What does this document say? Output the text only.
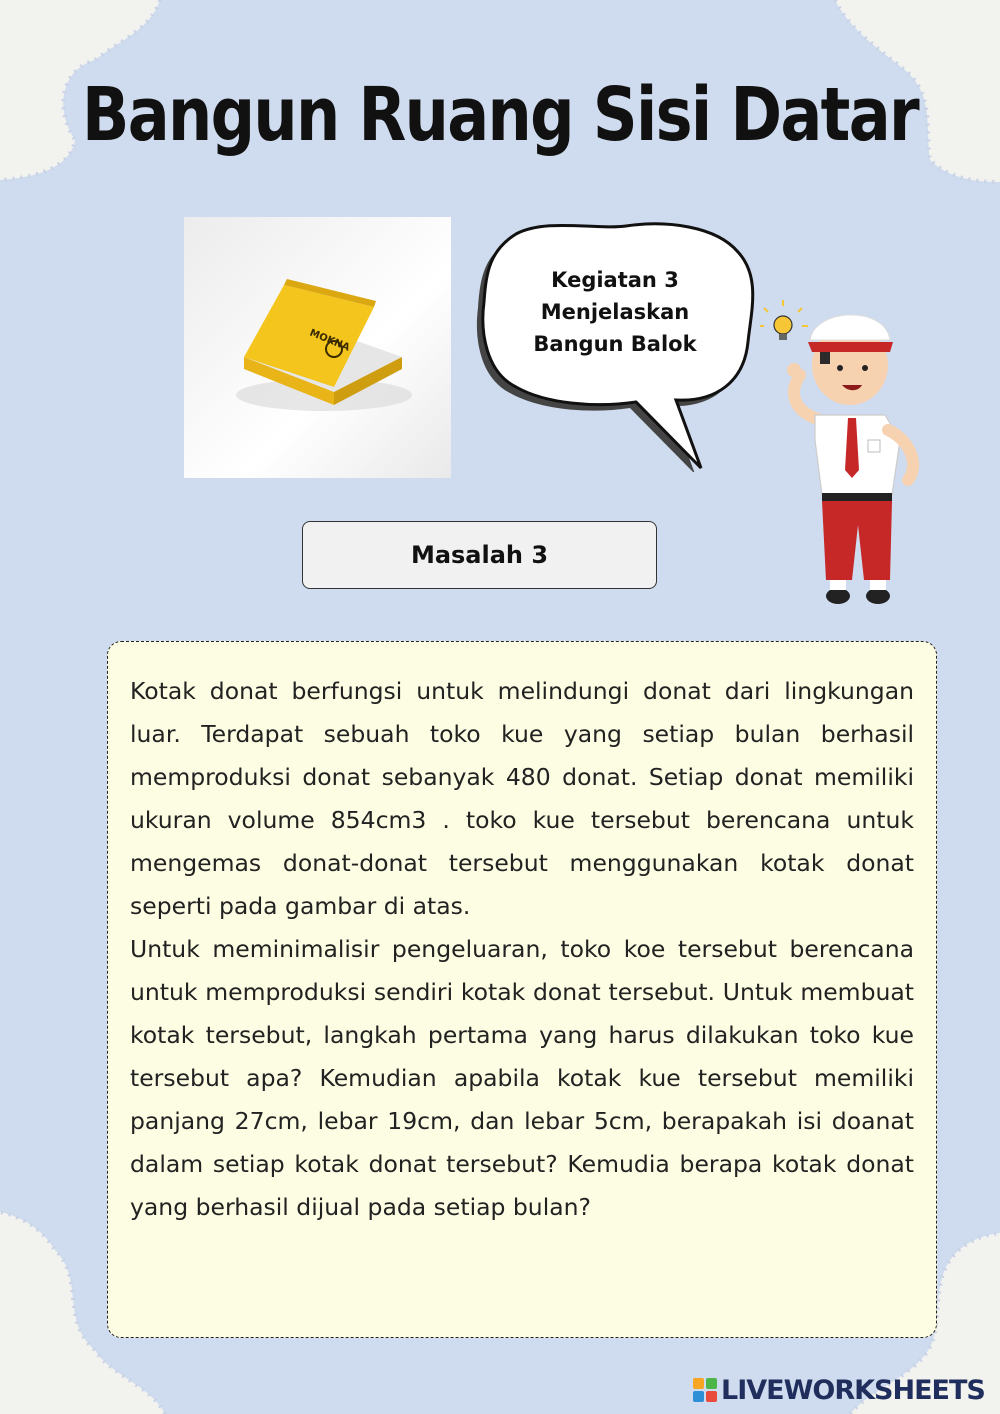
Bangun Ruang Sisi Datar
MOKNA
Kegiatan 3
Menjelaskan
Bangun Balok
Masalah 3

Kotak donat berfungsi untuk melindungi donat dari lingkungan luar. Terdapat sebuah toko kue yang setiap bulan berhasil memproduksi donat sebanyak 480 donat. Setiap donat memiliki ukuran volume 854cm3 . toko kue tersebut berencana untuk mengemas donat-donat tersebut menggunakan kotak donat seperti pada gambar di atas.

Untuk meminimalisir pengeluaran, toko koe tersebut berencana untuk memproduksi sendiri kotak donat tersebut. Untuk membuat kotak tersebut, langkah pertama yang harus dilakukan toko kue tersebut apa? Kemudian apabila kotak kue tersebut memiliki panjang 27cm, lebar 19cm, dan lebar 5cm, berapakah isi doanat dalam setiap kotak donat tersebut? Kemudia berapa kotak donat yang berhasil dijual pada setiap bulan?

LIVEWORKSHEETS
